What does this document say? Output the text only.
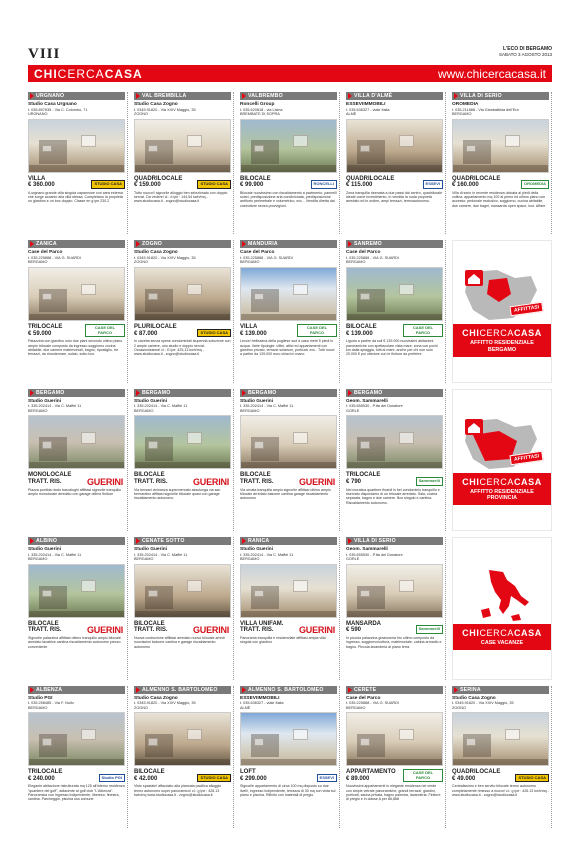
VIII	L'ECO DI BERGAMO
SABATO 3 AGOSTO 2013
CHICERCACASA	www.chicercacasa.it
URGNANO
Studio Casa Urgnano
t. 035.897635 - Via C. Colombo, 71
URGNANO
VILLA
€ 360.000	STUDIO CASA
A urgnano grande villa singola capannone con area esterna che sorge accanto alla villa stessa. Completano la proprietà un giardino e un box doppio. Classe en g ipe 230.2
VAL BREMBILLA
Studio Casa Zogno
t. 0345.91820 - Via XXIV Maggio, 35
ZOGNO
QUADRILOCALE
€ 159.000	STUDIO CASA
Tutto nuovo!! signorile alloggio ben selezionato con doppio servizi. Da vedere! cl.: d ipe : 144,54 kwh/mq - www.studiocasa.it - zogno@studiocasa.it
VALBREMBO
Roncelli Group
t. 035.620818 - via Lisina
BREMBATE DI SOPRA
BILOCALE
€ 99.900	RONCELLI
Bilocale nuovissimo con riscaldamento a pavimento, pannelli solari, predisposizione aria condizionata, predisposizione antifurto perimetrale e volumetrico, ecc... Vendita diretta dal costruttore senza provvigioni.
VILLA D'ALMÈ
ESSEVIIMMOBILI
t. 035.636327 - viale Italia
ALMÈ
QUADRILOCALE
€ 115.000	ESSEVI
Zona tranquilla riservata a due passi dal centro, quadrilocale ideale come investimento, in vendita la nuda proprietà arredato ed in ordine, ampi terrazzi, termoautonomo.
VILLA DI SERIO
OROMEDIA
t. 035.211888 - Via Gianbattista dell'Era
BERGAMO
QUADRILOCALE
€ 160.000	OROMEDIA
Villa di serio in recente residenza ubicata ai piedi della collina, appartamento mq 100 al primo ed ultimo piano con accesso: pedonale esclusivo, soggiorno, cucina abitabile, due camere, due bagni, mansarda open space, box. Affare
ZANICA
Case del Parco
t. 035.225888 - VIA G. SUARDI
BERGAMO
TRILOCALE
€ 59.000
CASE DEL PARCO
Palazzina con giardino solo due piani secondo ultimo piano ampio trilocale composto da ingresso soggiorno cucina abitabile, due camere matrimoniali, bagno, ripostiglio, tre terrazzi, da rimodernare, solaio, sotto box.
ZOGNO
Studio Casa Zogno
t. 0345.91820 - Via XXIV Maggio, 35
ZOGNO
PLURILOCALE
€ 87.000	STUDIO CASA
In cavetta senza spese condominiali stupenda soluzione con 2 ampie camere, uno studio e doppio servizi. Occasionissima! cl.: G ipe: 425,13 kwh/mq - www.studiocasa.it - zogno@studiocasa.it
MANDURIA
Case del Parco
t. 035.225888 - VIA G. SUARDI
BERGAMO
VILLA
€ 139.000
CASE DEL PARCO
Lecce/ bellissima della pugliese sud a casa metri 5 piedi in acqua. Varie tipologie: villini, attici ed appartamenti con giardino privato, terrazzi solarium, porticati, ecc.. Tutti nuovi a partire da 139.000 euro chiavi in mano
SANREMO
Case del Parco
t. 035.225888 - VIA G. SUARDI
BERGAMO
BILOCALE
€ 139.000
CASE DEL PARCO
Liguria a partire da soli € 139.000 nuovissimi abitazioni panoramiche con spettacolare vista mare, zona con pochi km dalla spiaggia, tutti al mare, anche per chi non solo 20.000 € poi ulteriore con le finiture da preferire.
BERGAMO
Studio Guerini
t. 335.202414 - Via C. Maffei 11
BERGAMO
MONOLOCALE
TRATT. RIS.	GUERINI
Piazza pontida ricolo barcaloghi affittasi signorile tranquillo ampio monolocale arredato con garage ottime finiture
BERGAMO
Studio Guerini
t. 335.202414 - Via C. Maffei 11
BERGAMO
BILOCALE
TRATT. RIS.	GUERINI
Via bersaci vicinanza supermercato assolunga via san bernardino affittasi signorile bilocale quasi con garage riscaldamento autonomo
BERGAMO
Studio Guerini
t. 335.202414 - Via C. Maffei 11
BERGAMO
BILOCALE
TRATT. RIS.	GUERINI
Via ornata tranquilla ampio signorile affittasi ultimo ampio bilocale arredato balcone cantina garage riscaldamento autonomo
BERGAMO
Geom. Sammarelli
t. 035.655530 - P.tta del Donatore
GORLE
TRILOCALE
€ 790	Sammarelli
Nel moratica quartiere finardi in bel condominio tranquillo e riservato disponiamo di un trilocale arredato. Sala, cucina separata, bagno e due camere. Box singolo e cantina. Riscaldamento autonomo.
ALBINO
Studio Guerini
t. 335.202414 - Via C. Maffei 11
BERGAMO
BILOCALE
TRATT. RIS.	GUERINI
Signorile palazzina affittasi ottimo tranquillo ampio bilocale arredato lavatrice cantina riscaldamento autonomo prezzo conveniente
CENATE SOTTO
Studio Guerini
t. 335.202414 - Via C. Maffei 11
BERGAMO
BILOCALE
TRATT. RIS.	GUERINI
Nuova costruzione affittasi arredato nuovo bilocale arredi nuovissimi balcone cantina e garage riscaldamento autonomo
RANICA
Studio Guerini
t. 335.202414 - Via C. Maffei 11
BERGAMO
VILLA UNIFAM.
TRATT. RIS.	GUERINI
Panorama tranquilla e residenziale affittasi ampia villa singola con giardino
VILLA DI SERIO
Geom. Sammarelli
t. 035.655530 - P.tta del Donatore
GORLE
MANSARDA
€ 590	Sammarelli
In piccola palazzina grazioseria tiro ultimo composto da ingresso, soggiorno/cottura, matrimoniale, cabina armadio e bagno. Piccola lavanderia al piano terra.
ALBENZA
Studio PGI
t. 035.258485 - Via F. Nullo
BERGAMO
TRILOCALE
€ 240.000	Studio PGI
Elegante abitazione ristrutturata mq 125 all'interno residenza "quartiere del golf", adiacente al golf club "L'Albenza". Panoramica con ingresso indipendente, libereso, finestra, cantina. Parcheggio, piscina uso comune
ALMENNO S. BARTOLOMEO
Studio Casa Zogno
t. 0345.91820 - Via XXIV Maggio, 35
ZOGNO
BILOCALE
€ 42.000	STUDIO CASA
Visto spaziale! affacciato alla piancata pacifica alloggio termo autonomo super panoramico! cl.: g ipe : 426.13 kwh/mq www.studiocasa.it - zogno@studiocasa.it
ALMENNO S. BARTOLOMEO
ESSEVIIMMOBILI
t. 035.636327 - viale Italia
ALMÈ
LOFT
€ 299.000	ESSEVI
Signorile appartamento di circa 100 mq disposto su due livelli, ingresso indipendente, terrazza di 30 mq con vista sul piano e piscina. Rifinito con materiali di pregio.
CERETE
Case del Parco
t. 035.225888 - VIA G. SUARDI
BERGAMO
APPARTAMENTO
€ 89.000
CASE DEL PARCO
Nuovissimi appartamenti in elegante residenza nel verde con ampie vetrate panoramiche, grandi terrazzi, giardini, porticati, sauna privata, bagno palestra, lavanderia. Finiture di pregio e in classe A per 86,868
SERINA
Studio Casa Zogno
t. 0345.91820 - Via XXIV Maggio, 35
ZOGNO
QUADRILOCALE
€ 49.000	STUDIO CASA
Centralissimo e ben servito trilocale termo autonomo completamente rimesso a nuovo! cl.: g ipe : 426.13 kwh/mq - www.studiocasa.it - zogno@studiocasa.it
AFFITTASI
CHICERCACASA
AFFITTO RESIDENZIALE
BERGAMO
AFFITTASI
CHICERCACASA
AFFITTO RESIDENZIALE
PROVINCIA
CHICERCACASA
CASE VACANZE
